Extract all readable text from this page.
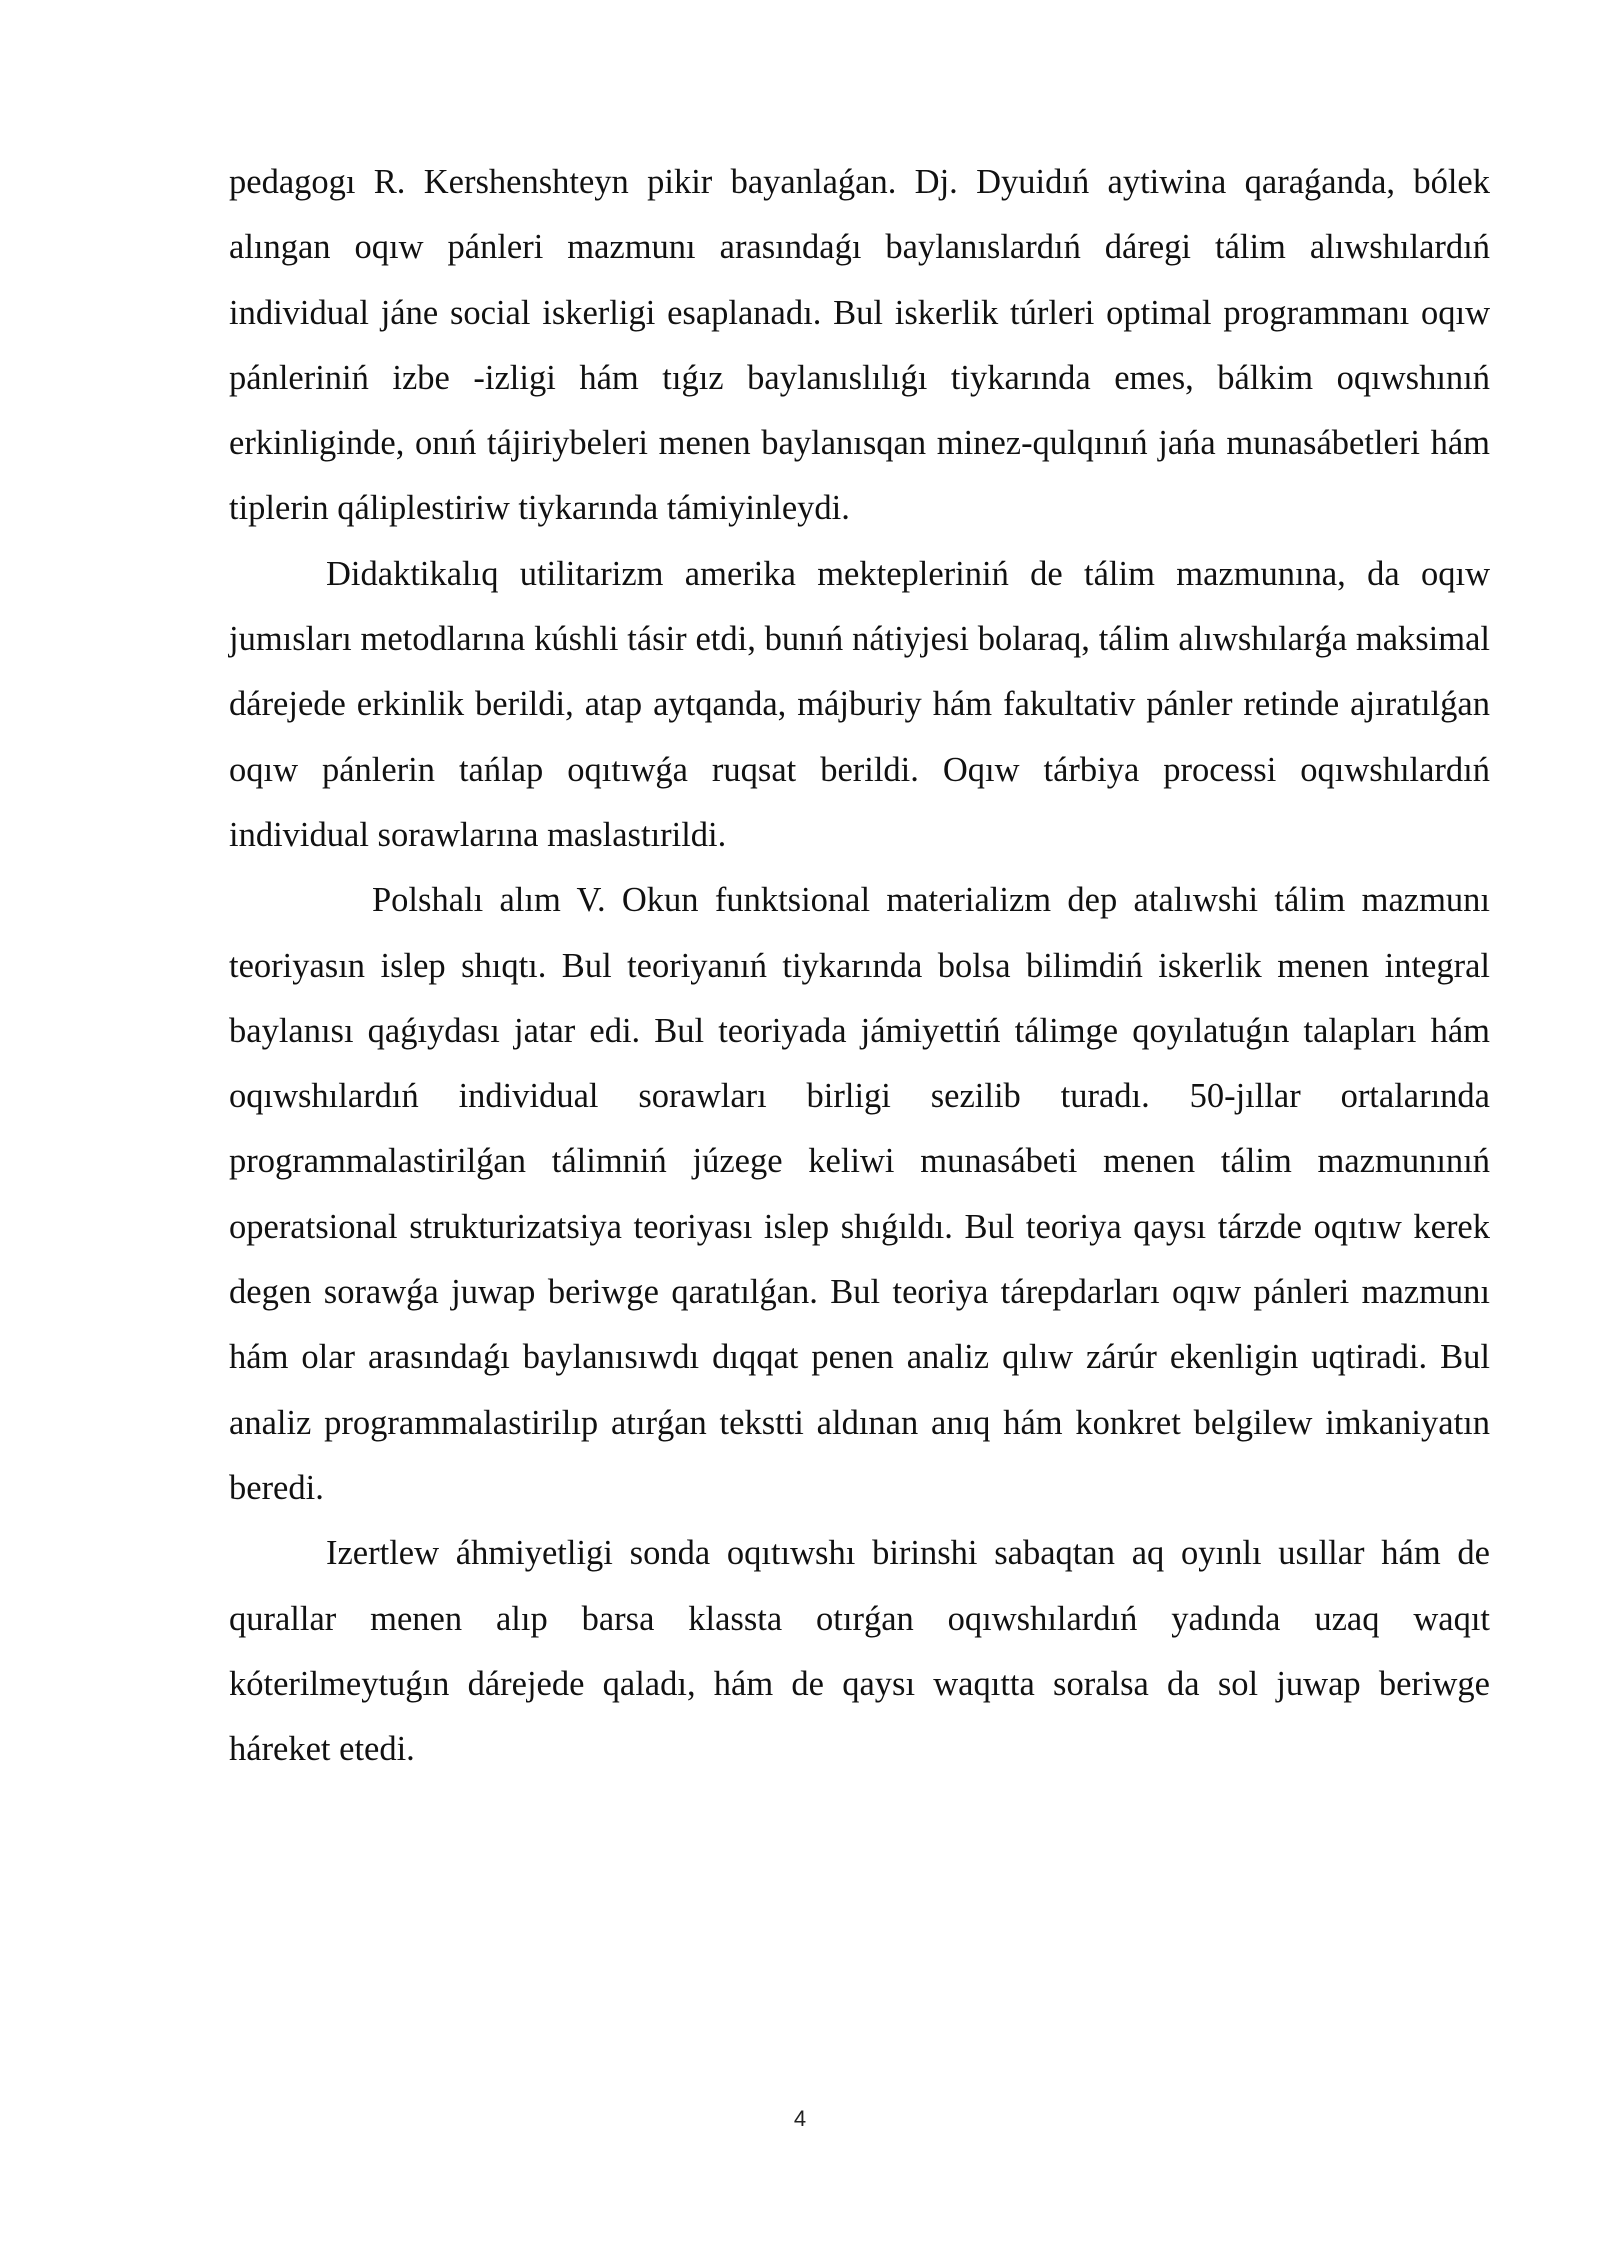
pedagogı R. Kershenshteyn pikir bayanlaǵan. Dj. Dyuidıń aytiwina qaraǵanda, bólek alıngan oqıw pánleri mazmunı arasındaǵı baylanıslardıń dáregi tálim alıwshılardıń individual jáne social iskerligi esaplanadı. Bul iskerlik túrleri optimal programmanı oqıw pánleriniń izbe -izligi hám tıǵız baylanıslılıǵı tiykarında emes, bálkim oqıwshınıń erkinliginde, onıń tájiriybeleri menen baylanısqan minez-qulqınıń jańa munasábetleri hám tiplerin qáliplestiriw tiykarında támiyinleydi.

Didaktikalıq utilitarizm amerika mektepleriniń de tálim mazmunına, da oqıw jumısları metodlarına kúshli tásir etdi, bunıń nátiyjesi bolaraq, tálim alıwshılarǵa maksimal dárejede erkinlik berildi, atap aytqanda, májburiy hám fakultativ pánler retinde ajıratılǵan oqıw pánlerin tańlap oqıtıwǵa ruqsat berildi. Oqıw tárbiya processi oqıwshılardıń individual sorawlarına maslastırildi.

Polshalı alım V. Okun funktsional materializm dep atalıwshi tálim mazmunı teoriyasın islep shıqtı. Bul teoriyanıń tiykarında bolsa bilimdiń iskerlik menen integral baylanısı qaǵıydası jatar edi. Bul teoriyada jámiyettiń tálimge qoyılatuǵın talapları hám oqıwshılardıń individual sorawları birligi sezilib turadı. 50-jıllar ortalarında programmalastirilǵan tálimniń júzege keliwi munasábeti menen tálim mazmunınıń operatsional strukturizatsiya teoriyası islep shıǵıldı. Bul teoriya qaysı tárzde oqıtıw kerek degen sorawǵa juwap beriwge qaratılǵan. Bul teoriya tárepdarları oqıw pánleri mazmunı hám olar arasındaǵı baylanısıwdı dıqqat penen analiz qılıw zárúr ekenligin uqtiradi. Bul analiz programmalastirilıp atırǵan tekstti aldınan anıq hám konkret belgilew imkaniyatın beredi.

Izertlew áhmiyetligi sonda oqıtıwshı birinshi sabaqtan aq oyınlı usıllar hám de qurallar menen alıp barsa klassta otırǵan oqıwshılardıń yadında uzaq waqıt kóterilmeytuǵın dárejede qaladı, hám de qaysı waqıtta soralsa da sol juwap beriwge háreket etedi.

4
